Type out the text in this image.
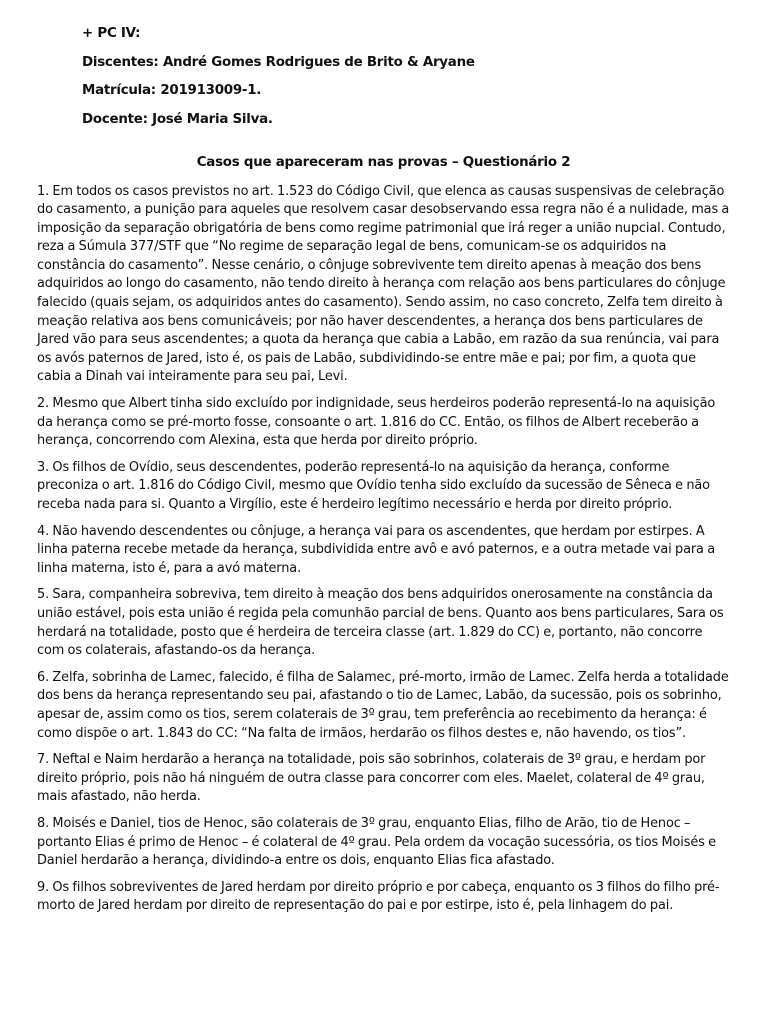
+ PC IV:

Discentes: André Gomes Rodrigues de Brito & Aryane

Matrícula: 201913009-1.

Docente: José Maria Silva.

Casos que apareceram nas provas – Questionário 2

1. Em todos os casos previstos no art. 1.523 do Código Civil, que elenca as causas suspensivas de celebração do casamento, a punição para aqueles que resolvem casar desobservando essa regra não é a nulidade, mas a imposição da separação obrigatória de bens como regime patrimonial que irá reger a união nupcial. Contudo, reza a Súmula 377/STF que “No regime de separação legal de bens, comunicam-se os adquiridos na constância do casamento”. Nesse cenário, o cônjuge sobrevivente tem direito apenas à meação dos bens adquiridos ao longo do casamento, não tendo direito à herança com relação aos bens particulares do cônjuge falecido (quais sejam, os adquiridos antes do casamento). Sendo assim, no caso concreto, Zelfa tem direito à meação relativa aos bens comunicáveis; por não haver descendentes, a herança dos bens particulares de Jared vão para seus ascendentes; a quota da herança que cabia a Labão, em razão da sua renúncia, vai para os avós paternos de Jared, isto é, os pais de Labão, subdividindo-se entre mãe e pai; por fim, a quota que cabia a Dinah vai inteiramente para seu pai, Levi.

2. Mesmo que Albert tinha sido excluído por indignidade, seus herdeiros poderão representá-lo na aquisição da herança como se pré-morto fosse, consoante o art. 1.816 do CC. Então, os filhos de Albert receberão a herança, concorrendo com Alexina, esta que herda por direito próprio.

3. Os filhos de Ovídio, seus descendentes, poderão representá-lo na aquisição da herança, conforme preconiza o art. 1.816 do Código Civil, mesmo que Ovídio tenha sido excluído da sucessão de Sêneca e não receba nada para si. Quanto a Virgílio, este é herdeiro legítimo necessário e herda por direito próprio.

4. Não havendo descendentes ou cônjuge, a herança vai para os ascendentes, que herdam por estirpes. A linha paterna recebe metade da herança, subdividida entre avô e avó paternos, e a outra metade vai para a linha materna, isto é, para a avó materna.

5. Sara, companheira sobreviva, tem direito à meação dos bens adquiridos onerosamente na constância da união estável, pois esta união é regida pela comunhão parcial de bens. Quanto aos bens particulares, Sara os herdará na totalidade, posto que é herdeira de terceira classe (art. 1.829 do CC) e, portanto, não concorre com os colaterais, afastando-os da herança.

6. Zelfa, sobrinha de Lamec, falecido, é filha de Salamec, pré-morto, irmão de Lamec. Zelfa herda a totalidade dos bens da herança representando seu pai, afastando o tio de Lamec, Labão, da sucessão, pois os sobrinho, apesar de, assim como os tios, serem colaterais de 3º grau, tem preferência ao recebimento da herança: é como dispõe o art. 1.843 do CC: “Na falta de irmãos, herdarão os filhos destes e, não havendo, os tios”.

7. Neftal e Naim herdarão a herança na totalidade, pois são sobrinhos, colaterais de 3º grau, e herdam por direito próprio, pois não há ninguém de outra classe para concorrer com eles. Maelet, colateral de 4º grau, mais afastado, não herda.

8. Moisés e Daniel, tios de Henoc, são colaterais de 3º grau, enquanto Elias, filho de Arão, tio de Henoc – portanto Elias é primo de Henoc – é colateral de 4º grau. Pela ordem da vocação sucessória, os tios Moisés e Daniel herdarão a herança, dividindo-a entre os dois, enquanto Elias fica afastado.

9. Os filhos sobreviventes de Jared herdam por direito próprio e por cabeça, enquanto os 3 filhos do filho pré-morto de Jared herdam por direito de representação do pai e por estirpe, isto é, pela linhagem do pai.
